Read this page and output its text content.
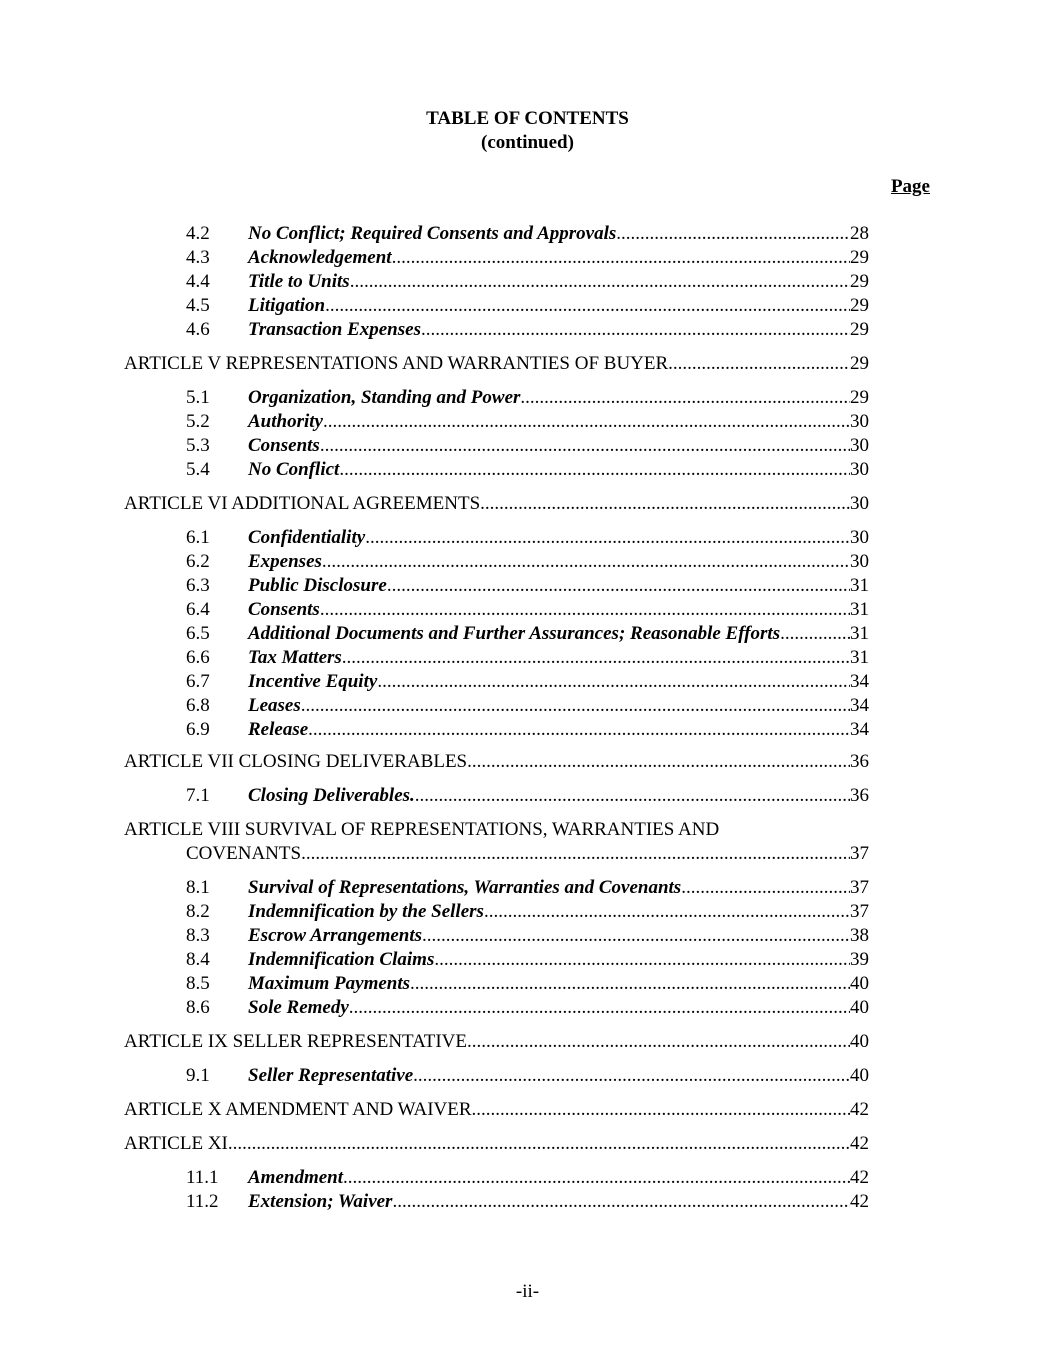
TABLE OF CONTENTS
(continued)
Page
4.2	No Conflict; Required Consents and Approvals .....	28
4.3	Acknowledgement .....	29
4.4	Title to Units .....	29
4.5	Litigation .....	29
4.6	Transaction Expenses .....	29
ARTICLE V REPRESENTATIONS AND WARRANTIES OF BUYER .....	29
5.1	Organization, Standing and Power . .....	29
5.2	Authority . .....	30
5.3	Consents . .....	30
5.4	No Conflict . .....	30
ARTICLE VI ADDITIONAL AGREEMENTS .....	30
6.1	Confidentiality . .....	30
6.2	Expenses . .....	30
6.3	Public Disclosure . .....	31
6.4	Consents .....	31
6.5	Additional Documents and Further Assurances; Reasonable Efforts . .....	31
6.6	Tax Matters . .....	31
6.7	Incentive Equity . .....	34
6.8	Leases . .....	34
6.9	Release . .....	34
ARTICLE VII CLOSING DELIVERABLES .....	36
7.1	Closing Deliverables. .....	36
ARTICLE VIII SURVIVAL OF REPRESENTATIONS, WARRANTIES AND
COVENANTS .....	37
8.1	Survival of Representations, Warranties and Covenants . .....	37
8.2	Indemnification by the Sellers . .....	37
8.3	Escrow Arrangements .....	38
8.4	Indemnification Claims . .....	39
8.5	Maximum Payments . .....	40
8.6	Sole Remedy . .....	40
ARTICLE IX SELLER REPRESENTATIVE .....	40
9.1	Seller Representative . .....	40
ARTICLE X AMENDMENT AND WAIVER .....	42
ARTICLE XI .....	42
11.1	Amendment .....	42
11.2	Extension; Waiver . .....	42
-ii-
